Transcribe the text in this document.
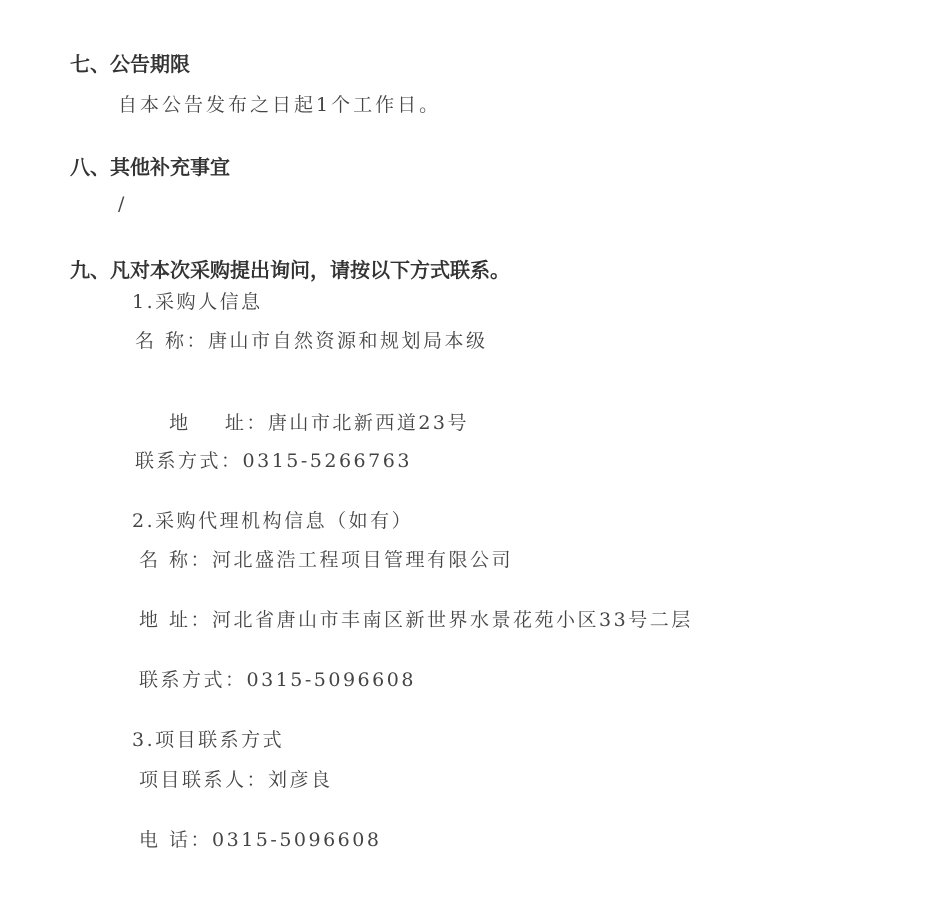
七、公告期限
自本公告发布之日起1个工作日。
八、其他补充事宜
/
九、凡对本次采购提出询问，请按以下方式联系。
1.采购人信息
名 称：唐山市自然资源和规划局本级

地    址：唐山市北新西道23号

联系方式：0315-5266763
2.采购代理机构信息（如有）
名 称：河北盛浩工程项目管理有限公司
地 址：河北省唐山市丰南区新世界水景花苑小区33号二层
联系方式：0315-5096608
3.项目联系方式
项目联系人：刘彦良
电 话：0315-5096608
